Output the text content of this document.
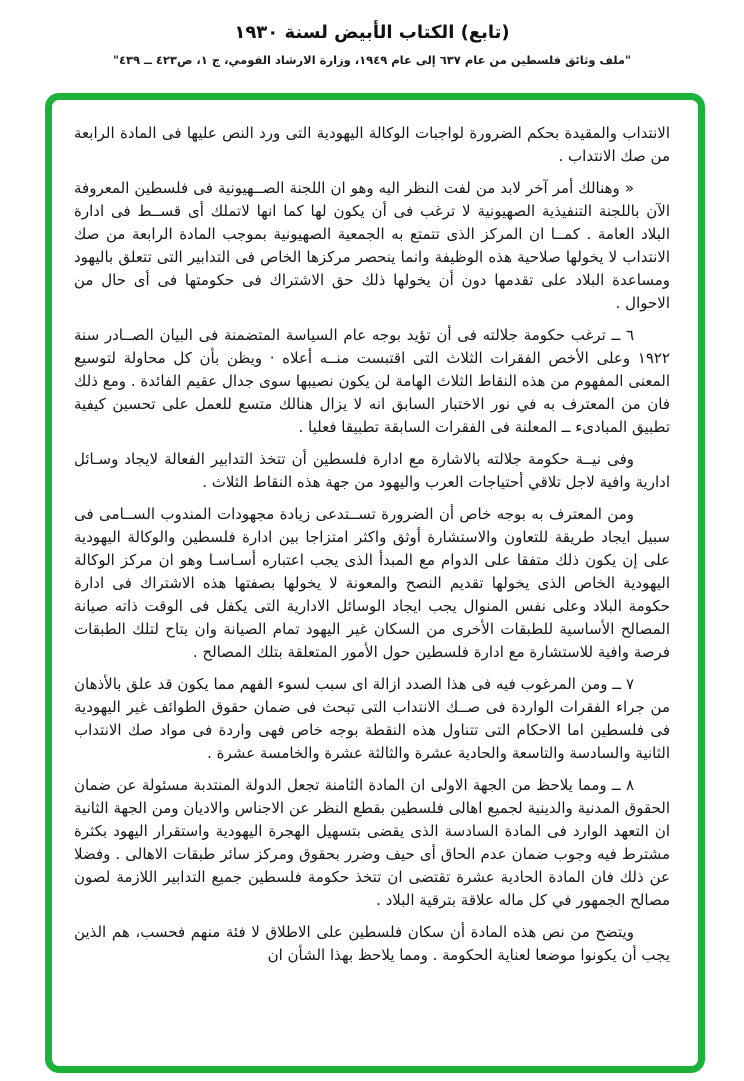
(تابع) الكتاب الأبيض لسنة ١٩٣٠
"ملف وثائق فلسطين من عام ٦٣٧ إلى عام ١٩٤٩، وزارة الارشاد القومي، ج ١، ص٤٢٣ ــ ٤٣٩"

الانتداب والمقيدة بحكم الضرورة لواجبات الوكالة اليهودية التى ورد النص عليها فى المادة الرابعة من صك الانتداب .

« وهنالك أمر آخر لابد من لفت النظر اليه وهو ان اللجنة الصــهيونية فى فلسطين المعروفة الآن باللجنة التنفيذية الصهيونية لا ترغب فى أن يكون لها كما انها لاتملك أى قســط فى ادارة البلاد العامة . كمــا ان المركز الذى تتمتع به الجمعية الصهيونية بموجب المادة الرابعة من صك الانتداب لا يخولها صلاحية هذه الوظيفة وانما ينحصر مركزها الخاص فى التدابير التى تتعلق باليهود ومساعدة البلاد على تقدمها دون أن يخولها ذلك حق الاشتراك فى حكومتها فى أى حال من الاحوال .

٦ ــ ترغب حكومة جلالته فى أن تؤيد بوجه عام السياسة المتضمنة فى البيان الصــادر سنة ١٩٢٢ وعلى الأخص الفقرات الثلاث التى اقتبست منــه أعلاه · ويظن بأن كل محاولة لتوسيع المعنى المفهوم من هذه النقاط الثلاث الهامة لن يكون نصيبها سوى جدال عقيم الفائدة . ومع ذلك فان من المعترف به في نور الاختبار السابق انه لا يزال هنالك متسع للعمل على تحسين كيفية تطبيق المبادىء ــ المعلنة فى الفقرات السابقة تطبيقا فعليا .

وفى نيــة حكومة جلالته بالاشارة مع ادارة فلسطين أن تتخذ التدابير الفعالة لايجاد وسـائل ادارية وافية لاجل تلاقي أحتياجات العرب واليهود من جهة هذه النقاط الثلاث .

ومن المعترف به بوجه خاص أن الضرورة تســتدعى زيادة مجهودات المندوب الســامى فى سبيل ايجاد طريقة للتعاون والاستشارة أوثق واكثر امتزاجا بين ادارة فلسطين والوكالة اليهودية على إن يكون ذلك متفقا على الدوام مع المبدأ الذى يجب اعتباره أسـاسـا وهو ان مركز الوكالة اليهودية الخاص الذى يخولها تقديم النصح والمعونة لا يخولها بصفتها هذه الاشتراك فى ادارة حكومة البلاد وعلى نفس المنوال يجب ايجاد الوسائل الادارية التى يكفل فى الوقت ذاته صيانة المصالح الأساسية للطبقات الأخرى من السكان غير اليهود تمام الصيانة وان يتاح لتلك الطبقات فرصة وافية للاستشارة مع ادارة فلسطين حول الأمور المتعلقة بتلك المصالح .

٧ ــ ومن المرغوب فيه فى هذا الصدد ازالة اى سبب لسوء الفهم مما يكون قد علق بالأذهان من جراء الفقرات الواردة فى صــك الانتداب التى تبحث فى ضمان حقوق الطوائف غير اليهودية فى فلسطين اما الاحكام التى تتناول هذه النقطة بوجه خاص فهى واردة فى مواد صك الانتداب الثانية والسادسة والتاسعة والحادية عشرة والثالثة عشرة والخامسة عشرة .

٨ ــ ومما يلاحظ من الجهة الاولى ان المادة الثامنة تجعل الدولة المنتدبة مسئولة عن ضمان الحقوق المدنية والدينية لجميع اهالى فلسطين بقطع النظر عن الاجناس والاديان ومن الجهة الثانية ان التعهد الوارد فى المادة السادسة الذى يقضى بتسهيل الهجرة اليهودية واستقرار اليهود بكثرة مشترط فيه وجوب ضمان عدم الحاق أى حيف وضرر بحقوق ومركز سائر طبقات الاهالى . وفضلا عن ذلك فان المادة الحادية عشرة تقتضى ان تتخذ حكومة فلسطين جميع التدابير اللازمة لصون مصالح الجمهور في كل ماله علاقة بترقية البلاد .

ويتضح من نص هذه المادة أن سكان فلسطين على الاطلاق لا فئة منهم فحسب، هم الذين يجب أن يكونوا موضعا لعناية الحكومة . ومما يلاحظ بهذا الشأن ان
